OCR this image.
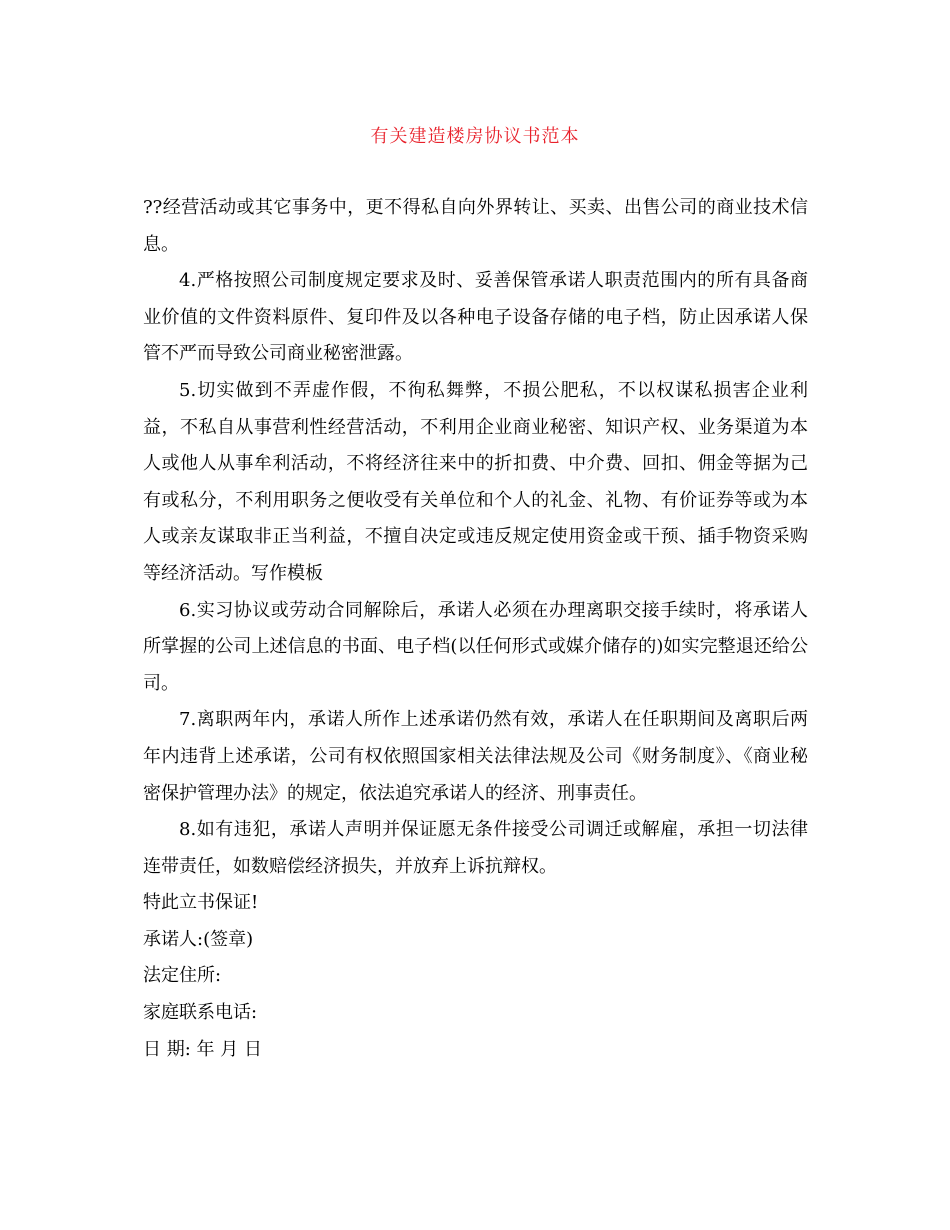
有关建造楼房协议书范本

??经营活动或其它事务中，更不得私自向外界转让、买卖、出售公司的商业技术信息。

4.严格按照公司制度规定要求及时、妥善保管承诺人职责范围内的所有具备商业价值的文件资料原件、复印件及以各种电子设备存储的电子档，防止因承诺人保管不严而导致公司商业秘密泄露。

5.切实做到不弄虚作假，不徇私舞弊，不损公肥私，不以权谋私损害企业利益，不私自从事营利性经营活动，不利用企业商业秘密、知识产权、业务渠道为本人或他人从事牟利活动，不将经济往来中的折扣费、中介费、回扣、佣金等据为己有或私分，不利用职务之便收受有关单位和个人的礼金、礼物、有价证券等或为本人或亲友谋取非正当利益，不擅自决定或违反规定使用资金或干预、插手物资采购等经济活动。写作模板

6.实习协议或劳动合同解除后，承诺人必须在办理离职交接手续时，将承诺人所掌握的公司上述信息的书面、电子档(以任何形式或媒介储存的)如实完整退还给公司。

7.离职两年内，承诺人所作上述承诺仍然有效，承诺人在任职期间及离职后两年内违背上述承诺，公司有权依照国家相关法律法规及公司《财务制度》、《商业秘密保护管理办法》的规定，依法追究承诺人的经济、刑事责任。

8.如有违犯，承诺人声明并保证愿无条件接受公司调迁或解雇，承担一切法律连带责任，如数赔偿经济损失，并放弃上诉抗辩权。

特此立书保证!

承诺人:(签章)

法定住所:

家庭联系电话:

日 期: 年 月 日
